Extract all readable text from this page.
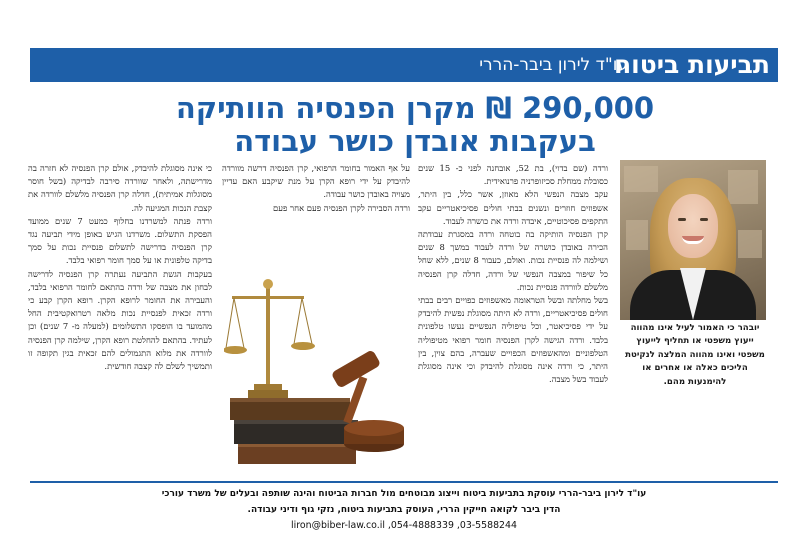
תביעות ביטוח
עו"ד לירון ביבר-הררי
290,000 ₪ מקרן הפנסיה הוותיקה
בעקבות אובדן כושר עבודה
יובהר כי האמור לעיל אינו מהווה ייעוץ משפטי או תחליף לייעוץ משפטי ואינו מהווה המלצה לנקיטת הליכים כאלה או אחרים או להימנעות מהם.

ורדה (שם בדוי), בת 52, אובחנה לפני כ- 15 שנים כסובלת ממחלת סכיזופרניה פרנואידית.

עקב מצבה הנפשי הלא מאוזן, אשר כלל, בין היתר, אשפוזים חוזרים ונשנים בבתי חולים פסיכיאטריים עקב התקפים פסיכוטיים, איבדה ורדה את כושרה לעבוד.

קרן הפנסיה הותיקה בה בוטחה ורדה במסגרת עבודתה הכירה באובדן כושרה של ורדה לעבוד במשך 8 שנים ושילמה לה פנסיית נכות. ואולם, כעבור 8 שנים, ללא שחל כל שיפור במצבה הנפשי של ורדה, חדלה קרן הפנסיה מלשלם לוורדה פנסיית נכות.

בשל מחלתה ובשל הטראומה מאשפוזים כפויים רבים בבתי חולים פסיכיאטריים, ורדה לא היתה מסוגלת נפשית להיבדק על ידי פסיכיאטר, וכל טיפוליה הנפשיים נעשו טלפונית בלבד. ורדה הגישה לקרן הפנסיה חומר רפואי מטיפוליה הטלפוניים ומהאשפוזים הכפויים שעברה, בהם צוין, בין היתר, כי ורדה אינה מסוגלת להיבדק וכי אינה מסוגלת לעבוד בשל מצבה.

על אף האמור בחומר הרפואי, קרן הפנסיה דרשה מוורדה להיבדק על ידי רופא הקרן על מנת שיקבע האם עדיין מצויה באובדן כושר עבודה.

ורדה הסבירה לקרן הפנסיה פעם אחר פעם

כי אינה מסוגלת להיבדק, אולם קרן הפנסיה לא חזרה בה מדרישתה, ולאחר שוורדה סירבה לבדיקה (בשל חוסר מסוגלות אמיתית), חדלה קרן הפנסיה מלשלם לוורדה את קצבת הנכות המגיעה לה.

ורדה פנתה למשרדנו בחלוף כמעט 7 שנים ממועד הפסקת התשלום. משרדנו הגיש באופן מידי תביעה נגד קרן הפנסיה בדרישה לתשלום פנסיית נכות על סמך בדיקה טלפונית או על סמך חומר רפואי בלבד.

בעקבות הגשת התביעה נעתרה קרן הפנסיה לדרישה לבחון את מצבה של ורדה בהתאם לחומר הרפואי בלבד, והעבירה את החומר לרופא הקרן. רופא הקרן קבע כי ורדה זכאית לפנסיית נכות מלאה רטרואקטיבית החל מהמועד בו הופסקו התשלומים (למעלה מ- 7 שנים) וכן לעתיד. בהתאם להחלטת רופא הקרן, שילמה קרן הפנסיה לוורדה את מלוא התגמולים להם זכאית בגין תקופה זו ותמשיך לשלם לה קצבה חודשית.

עו"ד לירון ביבר-הררי עוסקת בתביעות ביטוח וייצוג מבוטחים מול חברות הביטוח והינה שותפה ובעלים של משרד עורכי
הדין ביבר לקואה חייקין הררי, העוסק בתביעות ביטוח, נזקי גוף ודיני עבודה.
liron@biber-law.co.il ,054-4888339 ,03-5588244
